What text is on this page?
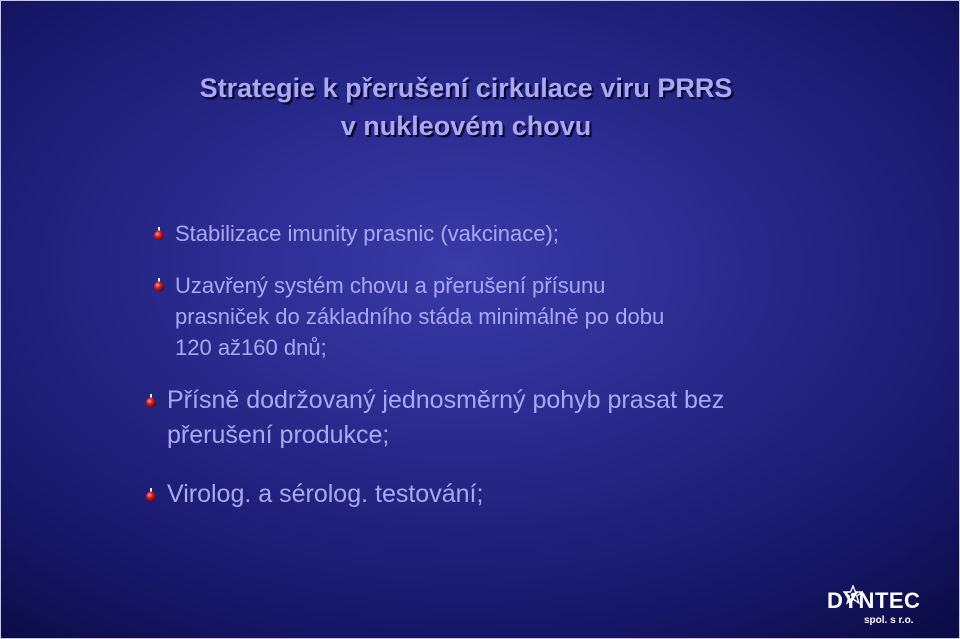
Strategie k přerušení cirkulace viru PRRS
v nukleovém chovu
Stabilizace imunity prasnic (vakcinace);
Uzavřený systém chovu a přerušení přísunu
prasniček do základního stáda minimálně po dobu
120 až160 dnů;
Přísně dodržovaný jednosměrný pohyb prasat bez
přerušení produkce;
Virolog. a sérolog. testování;
DYNTEC
spol. s r.o.
